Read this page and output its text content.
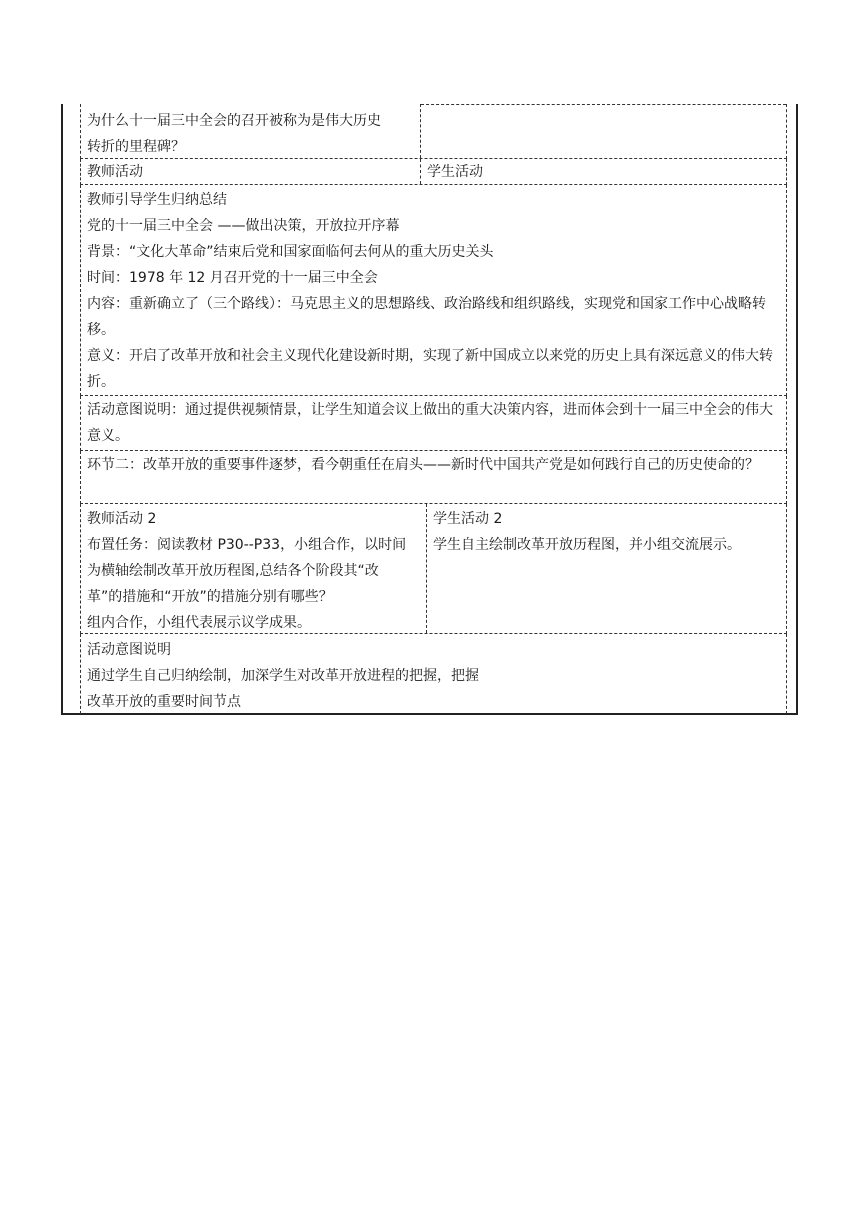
为什么十一届三中全会的召开被称为是伟大历史
转折的里程碑？
教师活动	学生活动
教师引导学生归纳总结
党的十一届三中全会 ——做出决策，开放拉开序幕
背景：“文化大革命”结束后党和国家面临何去何从的重大历史关头
时间：1978 年 12 月召开党的十一届三中全会
内容：重新确立了（三个路线）：马克思主义的思想路线、政治路线和组织路线，实现党和国家工作中心战略转移。
意义：开启了改革开放和社会主义现代化建设新时期，实现了新中国成立以来党的历史上具有深远意义的伟大转折。
活动意图说明：通过提供视频情景，让学生知道会议上做出的重大决策内容，进而体会到十一届三中全会的伟大意义。
环节二：改革开放的重要事件逐梦，看今朝重任在肩头——新时代中国共产党是如何践行自己的历史使命的？
教师活动 2
布置任务：阅读教材 P30--P33，小组合作，以时间
为横轴绘制改革开放历程图,总结各个阶段其“改
革”的措施和“开放”的措施分别有哪些？
组内合作，小组代表展示议学成果。
学生活动 2
学生自主绘制改革开放历程图，并小组交流展示。
活动意图说明
通过学生自己归纳绘制，加深学生对改革开放进程的把握，把握
改革开放的重要时间节点
